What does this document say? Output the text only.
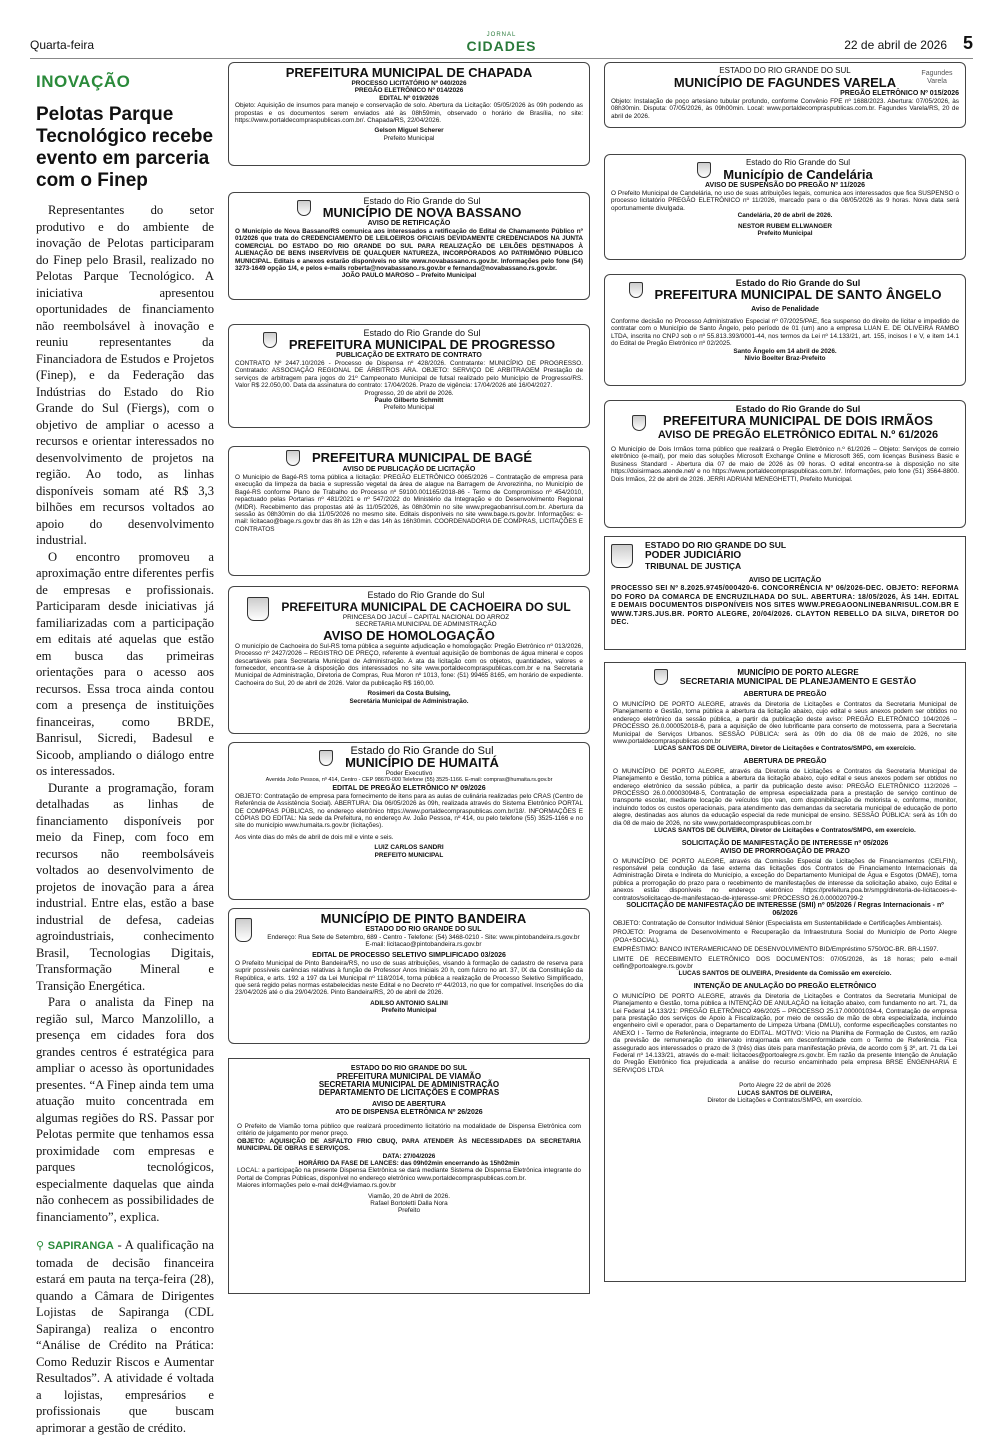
Quarta-feira
JORNAL
CIDADES	22 de abril de 2026 5
INOVAÇÃO
Pelotas Parque Tecnológico recebe evento em parceria com o Finep

Representantes do setor produtivo e do ambiente de inovação de Pelotas participaram do Finep pelo Brasil, realizado no Pelotas Parque Tecnológico. A iniciativa apresentou oportunidades de financiamento não reembolsável à inovação e reuniu representantes da Financiadora de Estudos e Projetos (Finep), e da Federação das Indústrias do Estado do Rio Grande do Sul (Fiergs), com o objetivo de ampliar o acesso a recursos e orientar interessados no desenvolvimento de projetos na região. Ao todo, as linhas disponíveis somam até R$ 3,3 bilhões em recursos voltados ao apoio do desenvolvimento industrial.

O encontro promoveu a aproximação entre diferentes perfis de empresas e profissionais. Participaram desde iniciativas já familiarizadas com a participação em editais até aquelas que estão em busca das primeiras orientações para o acesso aos recursos. Essa troca ainda contou com a presença de instituições financeiras, como BRDE, Banrisul, Sicredi, Badesul e Sicoob, ampliando o diálogo entre os interessados.

Durante a programação, foram detalhadas as linhas de financiamento disponíveis por meio da Finep, com foco em recursos não reembolsáveis voltados ao desenvolvimento de projetos de inovação para a área industrial. Entre elas, estão a base industrial de defesa, cadeias agroindustriais, conhecimento Brasil, Tecnologias Digitais, Transformação Mineral e Transição Energética.

Para o analista da Finep na região sul, Marco Manzolillo, a presença em cidades fora dos grandes centros é estratégica para ampliar o acesso às oportunidades presentes. “A Finep ainda tem uma atuação muito concentrada em algumas regiões do RS. Passar por Pelotas permite que tenhamos essa proximidade com empresas e parques tecnológicos, especialmente daquelas que ainda não conhecem as possibilidades de financiamento”, explica.

⚲ SAPIRANGA - A qualificação na tomada de decisão financeira estará em pauta na terça-feira (28), quando a Câmara de Dirigentes Lojistas de Sapiranga (CDL Sapiranga) realiza o encontro “Análise de Crédito na Prática: Como Reduzir Riscos e Aumentar Resultados”. A atividade é voltada a lojistas, empresários e profissionais que buscam aprimorar a gestão de crédito.

PREFEITURA MUNICIPAL DE CHAPADA
PROCESSO LICITATÓRIO Nº 040/2026
PREGÃO ELETRÔNICO Nº 014/2026
EDITAL Nº 019/2026
Objeto: Aquisição de insumos para manejo e conservação de solo. Abertura da Licitação: 05/05/2026 às 09h podendo as propostas e os documentos serem enviados até às 08h59min, observado o horário de Brasília, no site: https://www.portaldecompraspublicas.com.br/. Chapada/RS, 22/04/2026.
Gelson Miguel Scherer
Prefeito Municipal
Estado do Rio Grande do Sul
MUNICÍPIO DE NOVA BASSANO
AVISO DE RETIFICAÇÃO
O Município de Nova Bassano/RS comunica aos interessados a retificação do Edital de Chamamento Público nº 01/2026 que trata do CREDENCIAMENTO DE LEILOEIROS OFICIAIS DEVIDAMENTE CREDENCIADOS NA JUNTA COMERCIAL DO ESTADO DO RIO GRANDE DO SUL PARA REALIZAÇÃO DE LEILÕES DESTINADOS À ALIENAÇÃO DE BENS INSERVÍVEIS DE QUALQUER NATUREZA, INCORPORADOS AO PATRIMÔNIO PÚBLICO MUNICIPAL. Editais e anexos estarão disponíveis no site www.novabassano.rs.gov.br. Informações pelo fone (54) 3273-1649 opção 1/4, e pelos e-mails roberta@novabassano.rs.gov.br e fernanda@novabassano.rs.gov.br.
JOÃO PAULO MAROSO – Prefeito Municipal
Estado do Rio Grande do Sul
PREFEITURA MUNICIPAL DE PROGRESSO
PUBLICAÇÃO DE EXTRATO DE CONTRATO
CONTRATO Nº 2447.10/2026 - Processo de Dispensa nº 428/2026. Contratante: MUNICÍPIO DE PROGRESSO. Contratado: ASSOCIAÇÃO REGIONAL DE ÁRBITROS ARA. OBJETO: SERVIÇO DE ARBITRAGEM Prestação de serviços de arbitragem para jogos do 21º Campeonato Municipal de futsal realizado pelo Município de Progresso/RS. Valor R$ 22.050,00. Data da assinatura do contrato: 17/04/2026. Prazo de vigência: 17/04/2026 até 16/04/2027.
Progresso, 20 de abril de 2026.
Paulo Gilberto Schmitt
Prefeito Municipal
PREFEITURA MUNICIPAL DE BAGÉ
AVISO DE PUBLICAÇÃO DE LICITAÇÃO
O Município de Bagé-RS torna pública a licitação: PREGÃO ELETRÔNICO 0065/2026 – Contratação de empresa para execução da limpeza da bacia e supressão vegetal da área de alague na Barragem de Arvorezinha, no Município de Bagé-RS conforme Plano de Trabalho do Processo nº 59100.001165/2018-86 - Termo de Compromisso nº 454/2010, repactuado pelas Portarias nº 481/2021 e nº 547/2022 do Ministério da Integração e do Desenvolvimento Regional (MIDR). Recebimento das propostas até às 11/05/2026, às 08h30min no site www.pregaobanrisul.com.br. Abertura da sessão às 08h30min do dia 11/05/2026 no mesmo site. Editais disponíveis no site www.bage.rs.gov.br. Informações: e-mail: licitacao@bage.rs.gov.br das 8h às 12h e das 14h às 16h30min. COORDENADORIA DE COMPRAS, LICITAÇÕES E CONTRATOS
Estado do Rio Grande do Sul
PREFEITURA MUNICIPAL DE CACHOEIRA DO SUL
PRINCESA DO JACUÍ – CAPITAL NACIONAL DO ARROZ
SECRETARIA MUNICIPAL DE ADMINISTRAÇÃO
AVISO DE HOMOLOGAÇÃO
O município de Cachoeira do Sul-RS torna pública a seguinte adjudicação e homologação: Pregão Eletrônico nº 013/2026, Processo nº 2427/2026 – REGISTRO DE PREÇO, referente à eventual aquisição de bombonas de água mineral e copos descartáveis para Secretaria Municipal de Administração. A ata da licitação com os objetos, quantidades, valores e fornecedor, encontra-se à disposição dos interessados no site www.portaldecompraspublicas.com.br e na Secretaria Municipal de Administração, Diretoria de Compras, Rua Moron nº 1013, fone: (51) 99465 8165, em horário de expediente. Cachoeira do Sul, 20 de abril de 2026. Valor da publicação R$ 160,00.
Rosimeri da Costa Bulsing,
Secretária Municipal de Administração.
Estado do Rio Grande do Sul
MUNICÍPIO DE HUMAITÁ
Poder Executivo
Avenida João Pessoa, nº 414, Centro - CEP 98670-000 Telefone (55) 3525-1166. E-mail: compras@humaita.rs.gov.br
EDITAL DE PREGÃO ELETRÔNICO Nº 09/2026
OBJETO: Contratação de empresa para fornecimento de itens para as aulas de culinária realizadas pelo CRAS (Centro de Referência de Assistência Social). ABERTURA: Dia 06/05/2026 às 09h, realizada através do Sistema Eletrônico PORTAL DE COMPRAS PÚBLICAS, no endereço eletrônico https://www.portaldecompraspublicas.com.br/18/. INFORMAÇÕES E CÓPIAS DO EDITAL: Na sede da Prefeitura, no endereço Av. João Pessoa, nº 414, ou pelo telefone (55) 3525-1166 e no site do município www.humaita.rs.gov.br (licitações).
Aos vinte dias do mês de abril de dois mil e vinte e seis.
LUIZ CARLOS SANDRI
PREFEITO MUNICIPAL
MUNICÍPIO DE PINTO BANDEIRA
ESTADO DO RIO GRANDE DO SUL
Endereço: Rua Sete de Setembro, 689 - Centro - Telefone: (54) 3468-0210 - Site: www.pintobandeira.rs.gov.br E-mail: licitacao@pintobandeira.rs.gov.br
EDITAL DE PROCESSO SELETIVO SIMPLIFICADO 03/2026
O Prefeito Municipal de Pinto Bandeira/RS, no uso de suas atribuições, visando à formação de cadastro de reserva para suprir possíveis carências relativas à função de Professor Anos Iniciais 20 h, com fulcro no art. 37, IX da Constituição da República, e arts. 192 a 197 da Lei Municipal nº 118/2014, torna pública a realização de Processo Seletivo Simplificado, que será regido pelas normas estabelecidas neste Edital e no Decreto nº 44/2013, no que for compatível. Inscrições do dia 23/04/2026 até o dia 29/04/2026. Pinto Bandeira/RS, 20 de abril de 2026.
ADILSO ANTONIO SALINI
Prefeito Municipal
ESTADO DO RIO GRANDE DO SUL
PREFEITURA MUNICIPAL DE VIAMÃO
SECRETARIA MUNICIPAL DE ADMINISTRAÇÃO
DEPARTAMENTO DE LICITAÇÕES E COMPRAS
AVISO DE ABERTURA
ATO DE DISPENSA ELETRÔNICA Nº 26/2026
O Prefeito de Viamão torna público que realizará procedimento licitatório na modalidade de Dispensa Eletrônica com critério de julgamento por menor preço.
OBJETO: AQUISIÇÃO DE ASFALTO FRIO CBUQ, PARA ATENDER ÀS NECESSIDADES DA SECRETARIA MUNICIPAL DE OBRAS E SERVIÇOS.
DATA: 27/04/2026
HORÁRIO DA FASE DE LANCES: das 09h02min encerrando às 15h02min
LOCAL: a participação na presente Dispensa Eletrônica se dará mediante Sistema de Dispensa Eletrônica integrante do Portal de Compras Públicas, disponível no endereço eletrônico www.portaldecompraspublicas.com.br.
Maiores informações pelo e-mail dcl4@viamao.rs.gov.br
Viamão, 20 de Abril de 2026.
Rafael Bortoletti Dalla Nora
Prefeito
ESTADO DO RIO GRANDE DO SUL
MUNICÍPIO DE FAGUNDES VARELA
Fagundes Varela
PREGÃO ELETRÔNICO Nº 015/2026
Objeto: Instalação de poço artesiano tubular profundo, conforme Convênio FPE nº 1688/2023. Abertura: 07/05/2026, às 08h30min. Disputa: 07/05/2026, às 09h00min. Local: www.portaldecompraspublicas.com.br. Fagundes Varela/RS, 20 de abril de 2026.
Estado do Rio Grande do Sul
Município de Candelária
AVISO DE SUSPENSÃO DO PREGÃO Nº 11/2026
O Prefeito Municipal de Candelária, no uso de suas atribuições legais, comunica aos interessados que fica SUSPENSO o processo licitatório PREGÃO ELETRÔNICO nº 11/2026, marcado para o dia 08/05/2026 às 9 horas. Nova data será oportunamente divulgada.
Candelária, 20 de abril de 2026.
NESTOR RUBEM ELLWANGER
Prefeito Municipal
Estado do Rio Grande do Sul
PREFEITURA MUNICIPAL DE SANTO ÂNGELO
Aviso de Penalidade
Conforme decisão no Processo Administrativo Especial nº 07/2025/PAE, fica suspenso do direito de licitar e impedido de contratar com o Município de Santo Ângelo, pelo período de 01 (um) ano a empresa LUAN E. DE OLIVEIRA RAMBO LTDA, inscrita no CNPJ sob o nº 55.813.393/0001-44, nos termos da Lei nº 14.133/21, art. 155, incisos I e V, e item 14.1 do Edital de Pregão Eletrônico nº 02/2025.
Santo Ângelo em 14 abril de 2026.
Nivio Boelter Braz-Prefeito
Estado do Rio Grande do Sul
PREFEITURA MUNICIPAL DE DOIS IRMÃOS
AVISO DE PREGÃO ELETRÔNICO EDITAL N.º 61/2026
O Município de Dois Irmãos torna público que realizará o Pregão Eletrônico n.º 61/2026 – Objeto: Serviços de correio eletrônico (e-mail), por meio das soluções Microsoft Exchange Online e Microsoft 365, com licenças Business Basic e Business Standard - Abertura dia 07 de maio de 2026 às 09 horas. O edital encontra-se à disposição no site https://doisirmaos.atende.net/ e no https://www.portaldecompraspublicas.com.br/. Informações, pelo fone (51) 3564-8800. Dois Irmãos, 22 de abril de 2026. JERRI ADRIANI MENEGHETTI, Prefeito Municipal.
ESTADO DO RIO GRANDE DO SUL
PODER JUDICIÁRIO
TRIBUNAL DE JUSTIÇA
AVISO DE LICITAÇÃO
PROCESSO SEI Nº 8.2025.9745/000420-6. CONCORRÊNCIA Nº 06/2026-DEC. OBJETO: REFORMA DO FORO DA COMARCA DE ENCRUZILHADA DO SUL. ABERTURA: 18/05/2026, ÀS 14H. EDITAL E DEMAIS DOCUMENTOS DISPONÍVEIS NOS SITES WWW.PREGAOONLINEBANRISUL.COM.BR E WWW.TJRS.JUS.BR. PORTO ALEGRE, 20/04/2026. CLAYTON REBELLO DA SILVA, DIRETOR DO DEC.
MUNICÍPIO DE PORTO ALEGRE
SECRETARIA MUNICIPAL DE PLANEJAMENTO E GESTÃO
ABERTURA DE PREGÃO

O MUNICÍPIO DE PORTO ALEGRE, através da Diretoria de Licitações e Contratos da Secretaria Municipal de Planejamento e Gestão, torna pública a abertura da licitação abaixo, cujo edital e seus anexos podem ser obtidos no endereço eletrônico da sessão pública, a partir da publicação deste aviso: PREGÃO ELETRÔNICO 104/2026 – PROCESSO 26.0.000052018-6, para a aquisição de óleo lubrificante para conserto de motosserra, para a Secretaria Municipal de Serviços Urbanos. SESSÃO PÚBLICA: será às 09h do dia 08 de maio de 2026, no site www.portaldecompraspublicas.com.br

LUCAS SANTOS DE OLIVEIRA, Diretor de Licitações e Contratos/SMPG, em exercício.
ABERTURA DE PREGÃO

O MUNICÍPIO DE PORTO ALEGRE, através da Diretoria de Licitações e Contratos da Secretaria Municipal de Planejamento e Gestão, torna pública a abertura da licitação abaixo, cujo edital e seus anexos podem ser obtidos no endereço eletrônico da sessão pública, a partir da publicação deste aviso: PREGÃO ELETRÔNICO 112/2026 – PROCESSO 26.0.000030948-5, Contratação de empresa especializada para a prestação de serviço contínuo de transporte escolar, mediante locação de veículos tipo van, com disponibilização de motorista e, conforme, monitor, incluindo todos os custos operacionais, para atendimento das demandas da secretaria municipal de educação de porto alegre, destinadas aos alunos da educação especial da rede municipal de ensino. SESSÃO PÚBLICA: será às 10h do dia 08 de maio de 2026, no site www.portaldecompraspublicas.com.br

LUCAS SANTOS DE OLIVEIRA, Diretor de Licitações e Contratos/SMPG, em exercício.
SOLICITAÇÃO DE MANIFESTAÇÃO DE INTERESSE nº 05/2026
AVISO DE PRORROGAÇÃO DE PRAZO

O MUNICÍPIO DE PORTO ALEGRE, através da Comissão Especial de Licitações de Financiamentos (CELFIN), responsável pela condução da fase externa das licitações dos Contratos de Financiamento Internacionais da Administração Direta e Indireta do Município, a exceção do Departamento Municipal de Água e Esgotos (DMAE), torna pública a prorrogação do prazo para o recebimento de manifestações de interesse da solicitação abaixo, cujo Edital e anexos estão disponíveis no endereço eletrônico https://prefeitura.poa.br/smpg/diretoria-de-licitacoes-e-contratos/solicitacao-de-manifestacao-de-interesse-smi: PROCESSO 26.0.000020799-2

SOLICITAÇÃO DE MANIFESTAÇÃO DE INTERESSE (SMI) nº 05/2026 / Regras Internacionais - nº 06/2026

OBJETO: Contratação de Consultor Individual Sênior (Especialista em Sustentabilidade e Certificações Ambientais).

PROJETO: Programa de Desenvolvimento e Recuperação da Infraestrutura Social do Município de Porto Alegre (POA+SOCIAL).

EMPRÉSTIMO: BANCO INTERAMERICANO DE DESENVOLVIMENTO BID/Empréstimo 5750/OC-BR. BR-L1597.

LIMITE DE RECEBIMENTO ELETRÔNICO DOS DOCUMENTOS: 07/05/2026, às 18 horas; pelo e-mail celfin@portoalegre.rs.gov.br

LUCAS SANTOS DE OLIVEIRA, Presidente da Comissão em exercício.
INTENÇÃO DE ANULAÇÃO DO PREGÃO ELETRÔNICO

O MUNICÍPIO DE PORTO ALEGRE, através da Diretoria de Licitações e Contratos da Secretaria Municipal de Planejamento e Gestão, torna pública a INTENÇÃO DE ANULAÇÃO na licitação abaixo, com fundamento no art. 71, da Lei Federal 14.133/21: PREGÃO ELETRÔNICO 496/2025 – PROCESSO 25.17.000001034-4, Contratação de empresa para prestação dos serviços de Apoio à Fiscalização, por meio de cessão de mão de obra especializada, incluindo engenheiro civil e operador, para o Departamento de Limpeza Urbana (DMLU), conforme especificações constantes no ANEXO I - Termo de Referência, integrante do EDITAL. MOTIVO: Vício na Planilha de Formação de Custos, em razão da previsão de remuneração do intervalo intrajornada em desconformidade com o Termo de Referência. Fica assegurado aos interessados o prazo de 3 (três) dias úteis para manifestação prévia, de acordo com § 3º, art. 71 da Lei Federal nº 14.133/21, através do e-mail: licitacoes@portoalegre.rs.gov.br. Em razão da presente Intenção de Anulação do Pregão Eletrônico fica prejudicada a análise do recurso encaminhado pela empresa BRSE ENGENHARIA E SERVIÇOS LTDA

Porto Alegre 22 de abril de 2026
LUCAS SANTOS DE OLIVEIRA,
Diretor de Licitações e Contratos/SMPG, em exercício.
